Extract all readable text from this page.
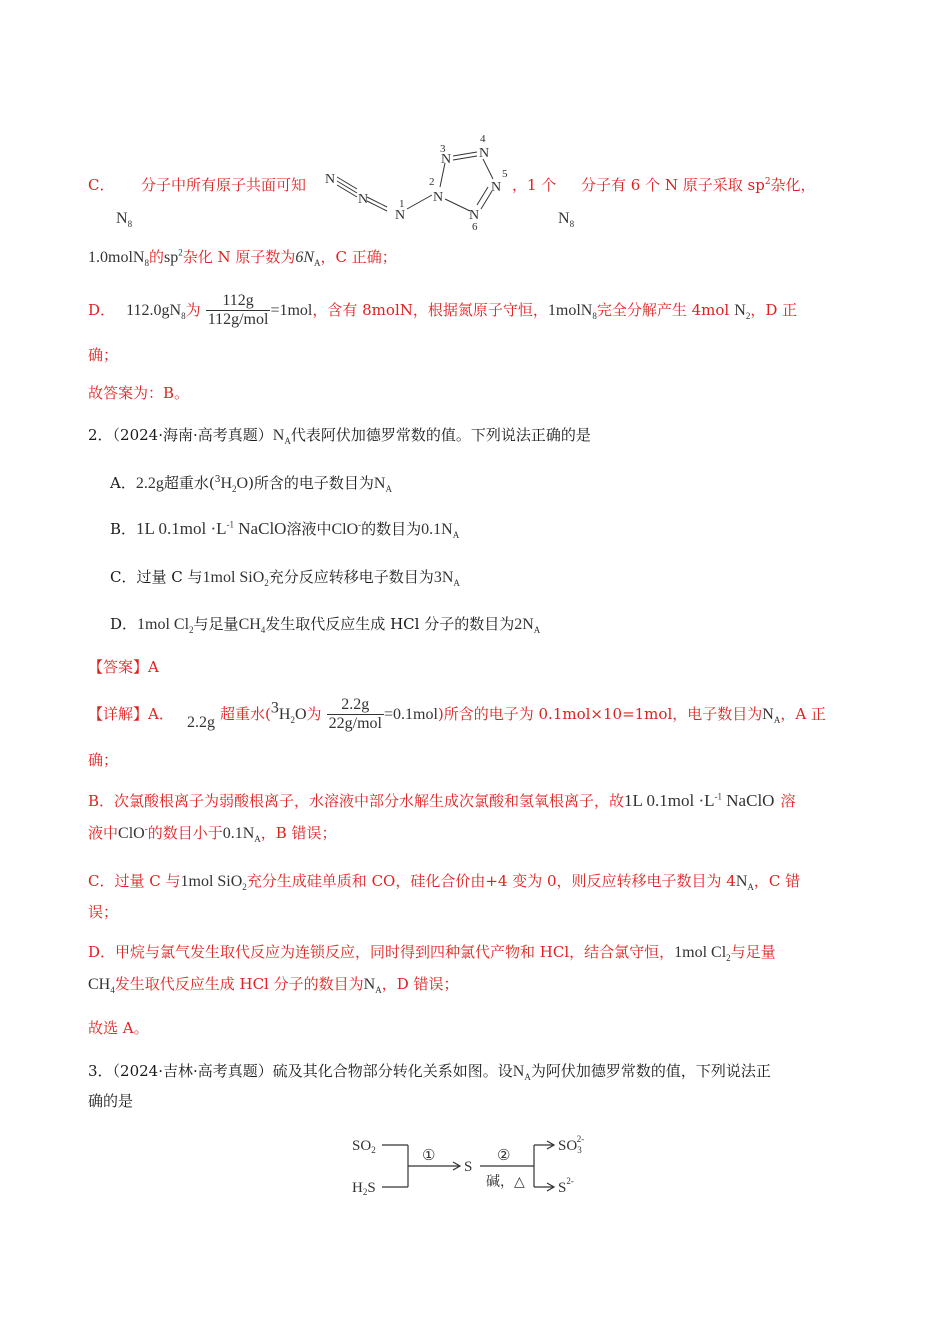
C． 分子中所有原子共面可知
$N_8$
N
N
N
N
N N
N
N
1
2
3
4
5
6
，1 个 分子有 6 个 N 原子采取 $sp^2$杂化，
$N_8$
1.0molN$_8$的$sp^2$杂化 N 原子数为$6N_A$，C 正确；
D． $112.0gN_8$为 $\frac{112g}{\text{112g/mol}} =1mol$，含有 8molN，根据氮原子守恒，1molN$_8$完全分解产生 4mol $N_2$，D 正
确；
故答案为：B。
2．（2024·海南·高考真题）$N_A$代表阿伏加德罗常数的值。下列说法正确的是
A．2.2g超重水$(^3H_2O)$所含的电子数目为$N_A$
B．1L $0.1mol \cdot L^{-1}$ NaClO溶液中ClO-的数目为$0.1N_A$
C．过量 C 与1mol SiO$_2$充分反应转移电子数目为$3N_A$
D．1mol $Cl_2$与足量$CH_4$发生取代反应生成 HCl 分子的数目为$2N_A$
【答案】A
【详解】A． 2.2g 超重水($^3H_2O$为 $\frac{2.2g}{\text{22g/mol}} =0.1mol$)所含的电子为 0.1mol×10=1mol，电子数目为$N_A$，A 正
确；
B．次氯酸根离子为弱酸根离子，水溶液中部分水解生成次氯酸和氢氧根离子，故1L $0.1mol \cdot L^{-1}$ NaClO 溶
液中ClO-的数目小于$0.1N_A$，B 错误；
C．过量 C 与1mol SiO$_2$充分生成硅单质和 CO，硅化合价由+4 变为 0，则反应转移电子数目为 $4N_A$，C 错
误；
D．甲烷与氯气发生取代反应为连锁反应，同时得到四种氯代产物和 HCl，结合氯守恒，1mol $Cl_2$与足量
$CH_4$发生取代反应生成 HCl 分子的数目为$N_A$，D 错误；
故选 A。
3．（2024·吉林·高考真题）硫及其化合物部分转化关系如图。设$N_A$为阿伏加德罗常数的值，下列说法正
确的是
$SO_2$
$H_2S$
①
S
②
碱，△
$SO_32-$
$S^{2-}$
